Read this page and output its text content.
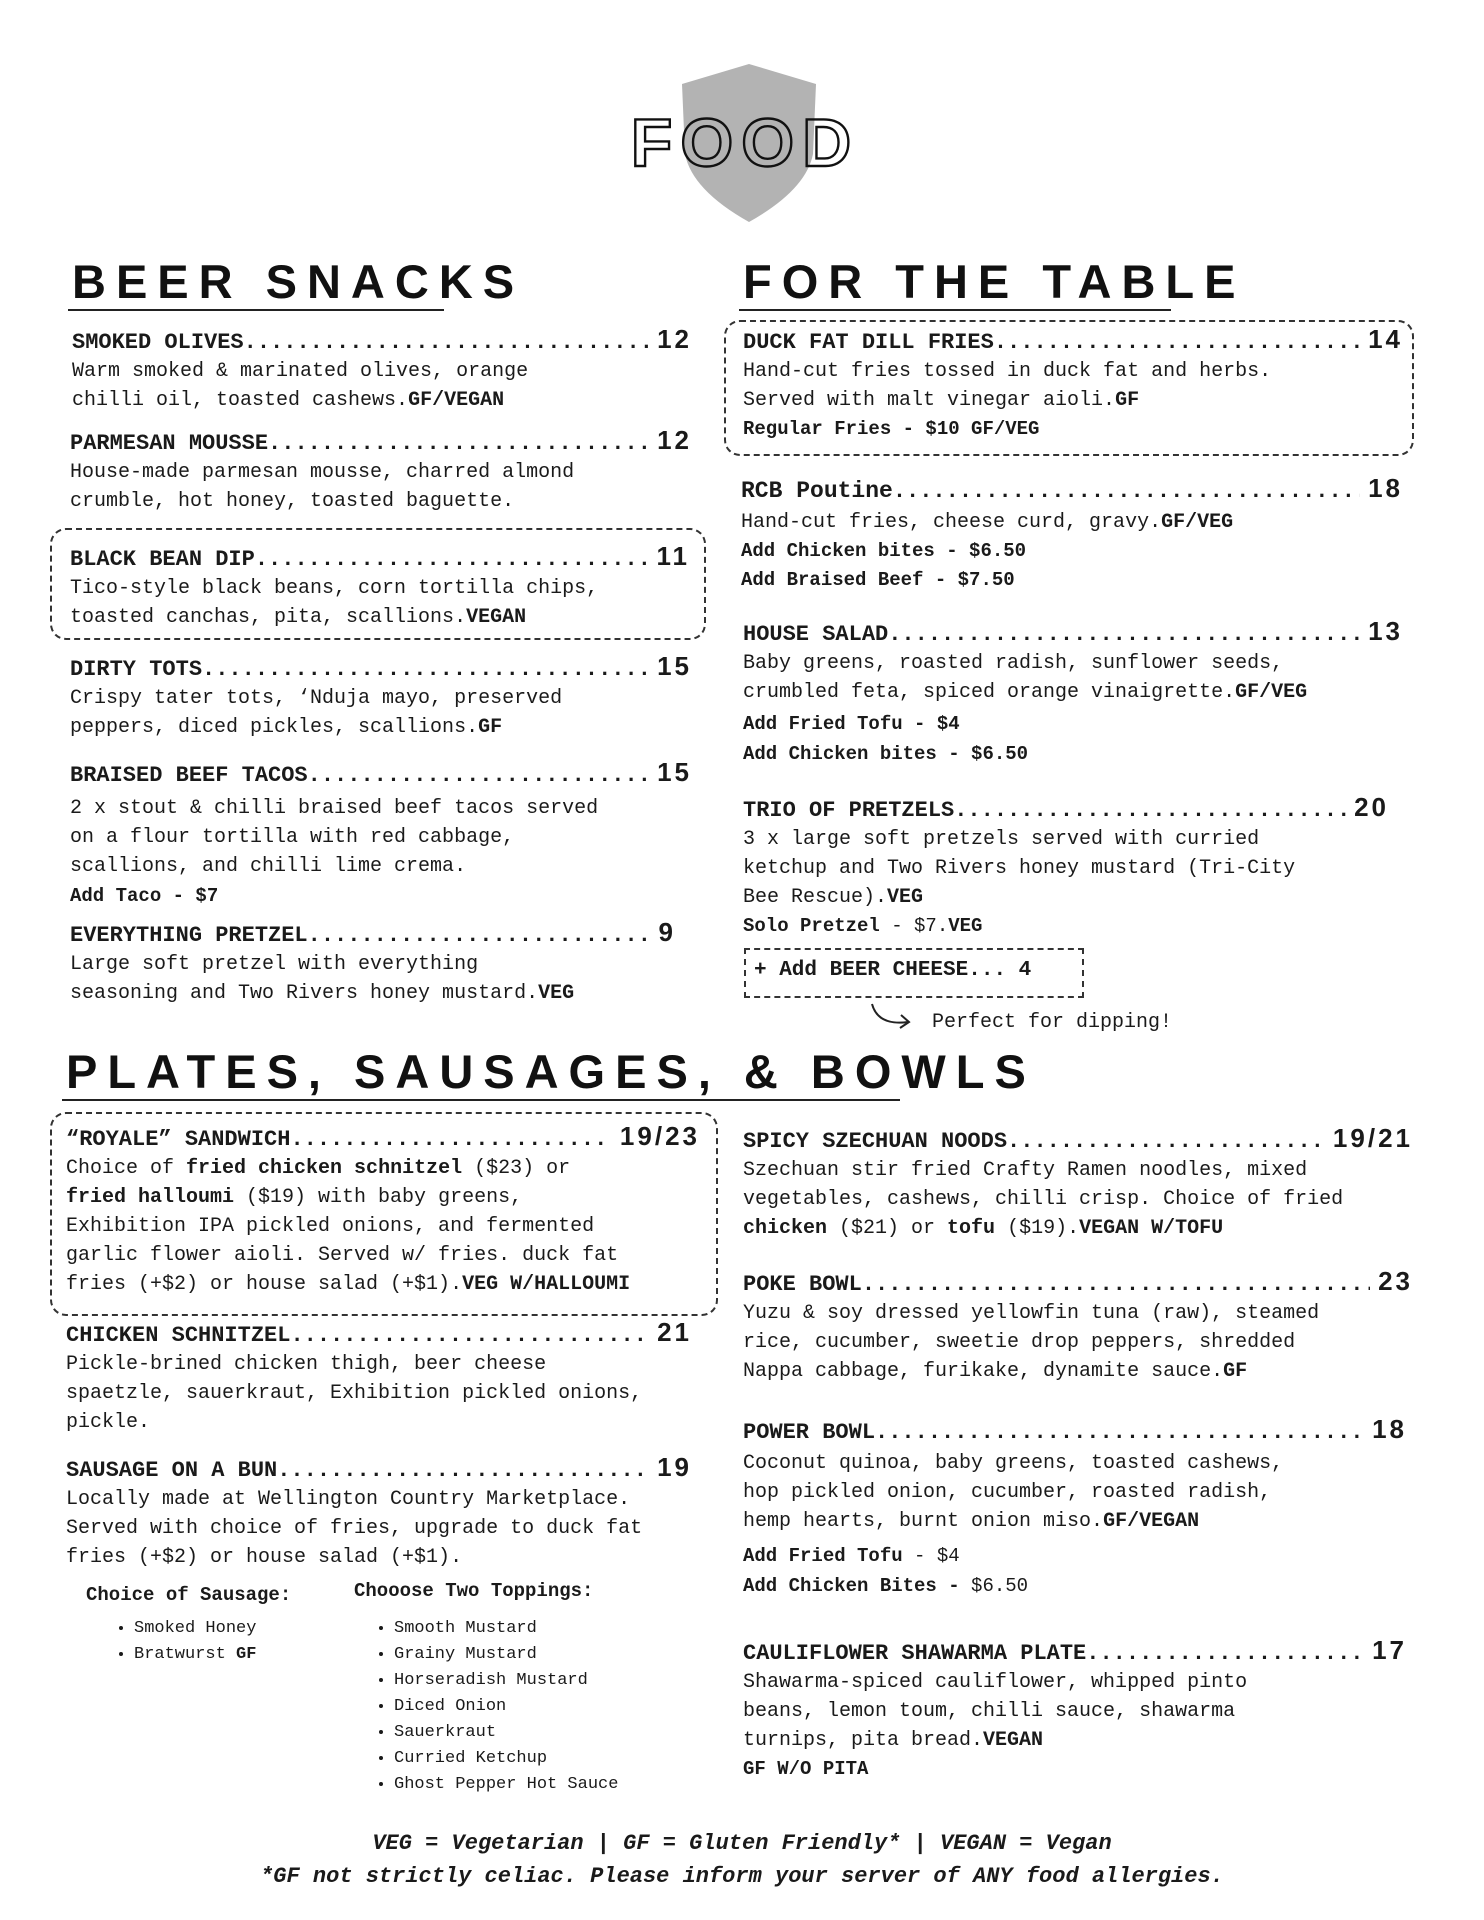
FOOD
BEER SNACKS	FOR THE TABLE
SMOKED OLIVES .....	12

Warm smoked & marinated olives, orange

chilli oil, toasted cashews.GF/VEGAN

PARMESAN MOUSSE .....	12

House-made parmesan mousse, charred almond

crumble, hot honey, toasted baguette.

BLACK BEAN DIP .....	11

Tico-style black beans, corn tortilla chips,

toasted canchas, pita, scallions.VEGAN

DIRTY TOTS .....	15

Crispy tater tots, ‘Nduja mayo, preserved

peppers, diced pickles, scallions.GF

BRAISED BEEF TACOS .....	15

2 x stout & chilli braised beef tacos served

on a flour tortilla with red cabbage,

scallions, and chilli lime crema.

Add Taco - $7

EVERYTHING PRETZEL .....	9

Large soft pretzel with everything

seasoning and Two Rivers honey mustard.VEG

DUCK FAT DILL FRIES .....	14

Hand-cut fries tossed in duck fat and herbs.

Served with malt vinegar aioli.GF

Regular Fries - $10 GF/VEG

RCB Poutine .....	18

Hand-cut fries, cheese curd, gravy.GF/VEG

Add Chicken bites - $6.50

Add Braised Beef - $7.50

HOUSE SALAD .....	13

Baby greens, roasted radish, sunflower seeds,

crumbled feta, spiced orange vinaigrette.GF/VEG

Add Fried Tofu - $4

Add Chicken bites - $6.50

TRIO OF PRETZELS .....	20

3 x large soft pretzels served with curried

ketchup and Two Rivers honey mustard (Tri-City

Bee Rescue).VEG

Solo Pretzel - $7.VEG

+ Add BEER CHEESE... 4
Perfect for dipping!
PLATES, SAUSAGES, & BOWLS
“ROYALE” SANDWICH .....	19/23

Choice of fried chicken schnitzel ($23) or

fried halloumi ($19) with baby greens,

Exhibition IPA pickled onions, and fermented

garlic flower aioli. Served w/ fries. duck fat

fries (+$2) or house salad (+$1).VEG W/HALLOUMI

CHICKEN SCHNITZEL .....	21

Pickle-brined chicken thigh, beer cheese

spaetzle, sauerkraut, Exhibition pickled onions,

pickle.

SAUSAGE ON A BUN .....	19

Locally made at Wellington Country Marketplace.

Served with choice of fries, upgrade to duck fat

fries (+$2) or house salad (+$1).

Choice of Sausage:
• Smoked Honey
• Bratwurst GF
Chooose Two Toppings:
• Smooth Mustard
• Grainy Mustard
• Horseradish Mustard
• Diced Onion
• Sauerkraut
• Curried Ketchup
• Ghost Pepper Hot Sauce
SPICY SZECHUAN NOODS .....	19/21

Szechuan stir fried Crafty Ramen noodles, mixed

vegetables, cashews, chilli crisp. Choice of fried

chicken ($21) or tofu ($19).VEGAN W/TOFU

POKE BOWL .....	23

Yuzu & soy dressed yellowfin tuna (raw), steamed

rice, cucumber, sweetie drop peppers, shredded

Nappa cabbage, furikake, dynamite sauce.GF

POWER BOWL .....	18

Coconut quinoa, baby greens, toasted cashews,

hop pickled onion, cucumber, roasted radish,

hemp hearts, burnt onion miso.GF/VEGAN

Add Fried Tofu - $4

Add Chicken Bites - $6.50

CAULIFLOWER SHAWARMA PLATE .....	17

Shawarma-spiced cauliflower, whipped pinto

beans, lemon toum, chilli sauce, shawarma

turnips, pita bread.VEGAN

GF W/O PITA

VEG = Vegetarian | GF = Gluten Friendly* | VEGAN = Vegan
*GF not strictly celiac. Please inform your server of ANY food allergies.
